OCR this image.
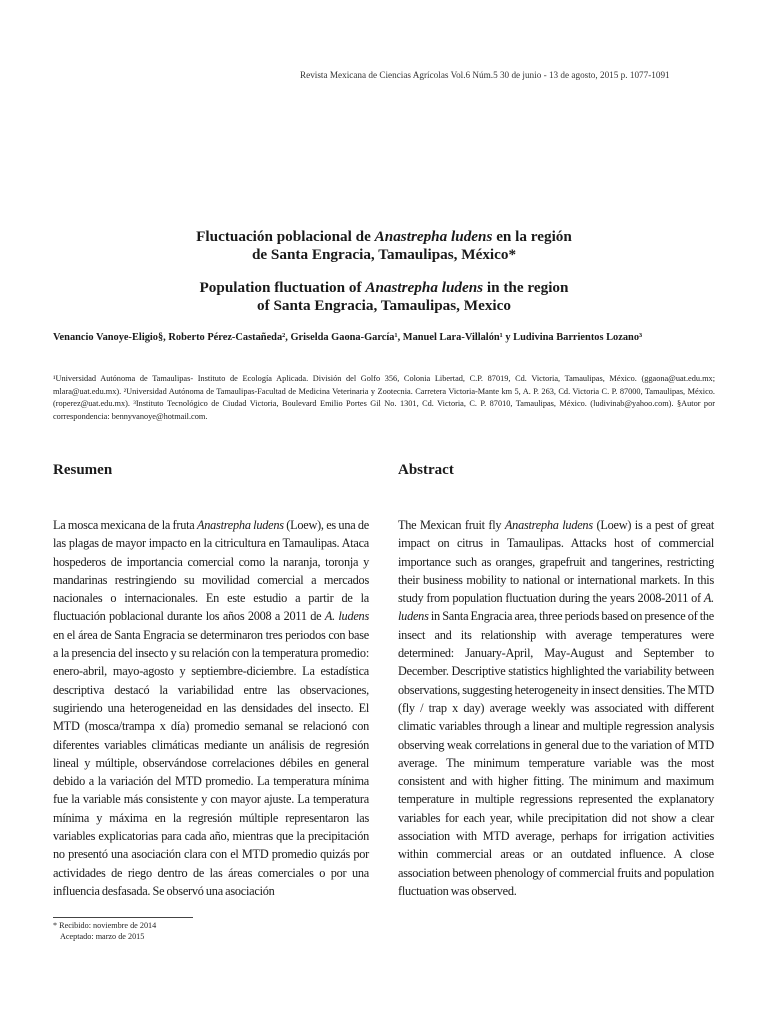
Revista Mexicana de Ciencias Agrícolas Vol.6 Núm.5 30 de junio - 13 de agosto, 2015 p. 1077-1091

Fluctuación poblacional de Anastrepha ludens en la región
de Santa Engracia, Tamaulipas, México*

Population fluctuation of Anastrepha ludens in the region
of Santa Engracia, Tamaulipas, Mexico

Venancio Vanoye-Eligio§, Roberto Pérez-Castañeda², Griselda Gaona-García¹, Manuel Lara-Villalón¹ y Ludivina Barrientos Lozano³
¹Universidad Autónoma de Tamaulipas- Instituto de Ecología Aplicada. División del Golfo 356, Colonia Libertad, C.P. 87019, Cd. Victoria, Tamaulipas, México. (ggaona@uat.edu.mx; mlara@uat.edu.mx). ²Universidad Autónoma de Tamaulipas-Facultad de Medicina Veterinaria y Zootecnia. Carretera Victoria-Mante km 5, A. P. 263, Cd. Victoria C. P. 87000, Tamaulipas, México. (roperez@uat.edu.mx). ³Instituto Tecnológico de Ciudad Victoria, Boulevard Emilio Portes Gil No. 1301, Cd. Victoria, C. P. 87010, Tamaulipas, México. (ludivinab@yahoo.com). §Autor por correspondencia: bennyvanoye@hotmail.com.
Resumen	Abstract
La mosca mexicana de la fruta Anastrepha ludens (Loew), es una de las plagas de mayor impacto en la citricultura en Tamaulipas. Ataca hospederos de importancia comercial como la naranja, toronja y mandarinas restringiendo su movilidad comercial a mercados nacionales o internacionales. En este estudio a partir de la fluctuación poblacional durante los años 2008 a 2011 de A. ludens en el área de Santa Engracia se determinaron tres periodos con base a la presencia del insecto y su relación con la temperatura promedio: enero-abril, mayo-agosto y septiembre-diciembre. La estadística descriptiva destacó la variabilidad entre las observaciones, sugiriendo una heterogeneidad en las densidades del insecto. El MTD (mosca/trampa x día) promedio semanal se relacionó con diferentes variables climáticas mediante un análisis de regresión lineal y múltiple, observándose correlaciones débiles en general debido a la variación del MTD promedio. La temperatura mínima fue la variable más consistente y con mayor ajuste. La temperatura mínima y máxima en la regresión múltiple representaron las variables explicatorias para cada año, mientras que la precipitación no presentó una asociación clara con el MTD promedio quizás por actividades de riego dentro de las áreas comerciales o por una influencia desfasada. Se observó una asociación
The Mexican fruit fly Anastrepha ludens (Loew) is a pest of great impact on citrus in Tamaulipas. Attacks host of commercial importance such as oranges, grapefruit and tangerines, restricting their business mobility to national or international markets. In this study from population fluctuation during the years 2008-2011 of A. ludens in Santa Engracia area, three periods based on presence of the insect and its relationship with average temperatures were determined: January-April, May-August and September to December. Descriptive statistics highlighted the variability between observations, suggesting heterogeneity in insect densities. The MTD (fly / trap x day) average weekly was associated with different climatic variables through a linear and multiple regression analysis observing weak correlations in general due to the variation of MTD average. The minimum temperature variable was the most consistent and with higher fitting. The minimum and maximum temperature in multiple regressions represented the explanatory variables for each year, while precipitation did not show a clear association with MTD average, perhaps for irrigation activities within commercial areas or an outdated influence. A close association between phenology of commercial fruits and population fluctuation was observed.
* Recibido: noviembre de 2014
Aceptado: marzo de 2015
